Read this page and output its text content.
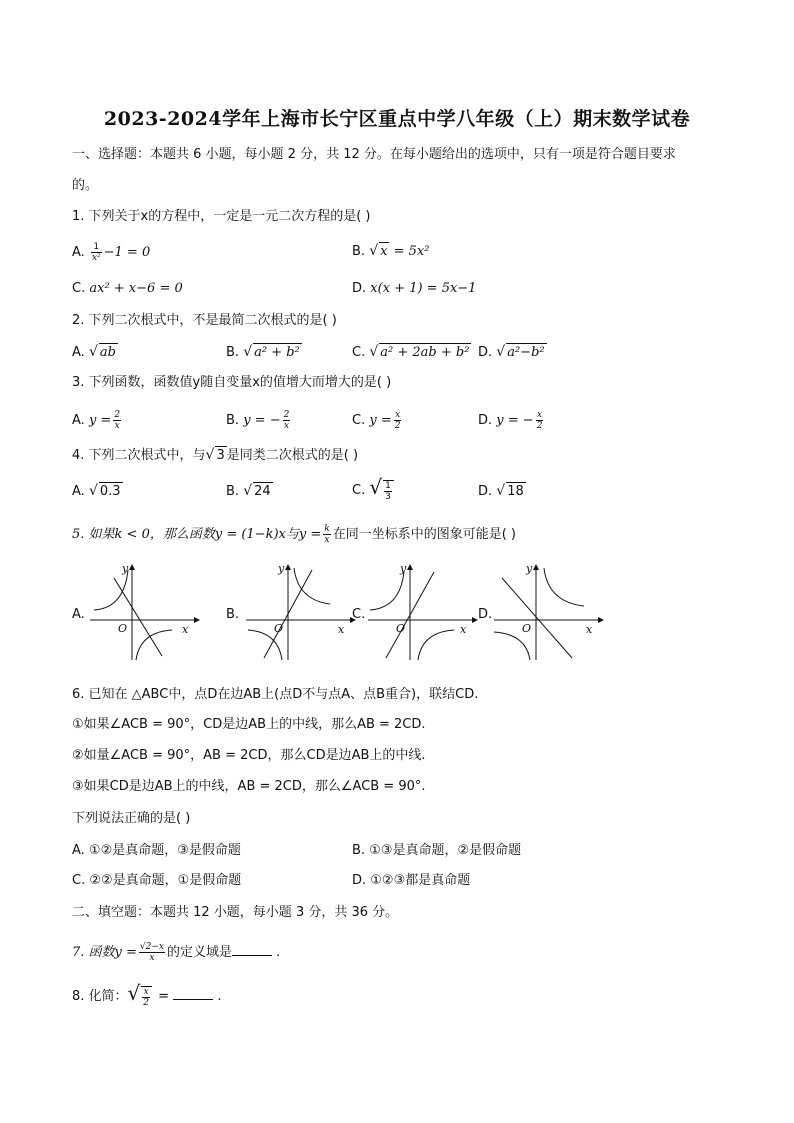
2023-2024学年上海市长宁区重点中学八年级（上）期末数学试卷
一、选择题：本题共 6 小题，每小题 2 分，共 12 分。在每小题给出的选项中，只有一项是符合题目要求
的。
1. 下列关于x的方程中，一定是一元二次方程的是( )
A. $\frac{1}{\text{x²}} -1 = 0$	B. √ x = 5x²
C. ax² + x−6 = 0	D. x(x + 1) = 5x−1
2. 下列二次根式中，不是最简二次根式的是( )
A. √ ab	B. √ a² + b²	C. √ a² + 2ab + b² D. √ a²−b²
3. 下列函数，函数值y随自变量x的值增大而增大的是( )
A. $y = \frac{2}{x}$	B. y = − $\frac{2}{x}$	C. $y = \frac{x}{2}$	D. y = − $\frac{x}{2}$
4. 下列二次根式中，与√ 3 是同类二次根式的是( )
A. √ 0.3	B. √ 24	C. √ $\frac{1}{3}$	D. √ 18
5. 如果k < 0，那么函数y = (1−k)x与$y = \frac{k}{x}$ 在同一坐标系中的图象可能是( )
A.
y
x
O
B.
y
x
O
C.
y
x
O
D.
y
x
O
6. 已知在 △ABC中，点D在边AB上(点D不与点A、点B重合)，联结CD.
①如果∠ACB = 90°，CD是边AB上的中线，那么AB = 2CD.
②如量∠ACB = 90°，AB = 2CD，那么CD是边AB上的中线.
③如果CD是边AB上的中线，AB = 2CD，那么∠ACB = 90°.
下列说法正确的是( )
A. ①②是真命题，③是假命题	B. ①③是真命题，②是假命题
C. ②②是真命题，①是假命题	D. ①②③都是真命题
二、填空题：本题共 12 小题，每小题 3 分，共 36 分。
7. 函数$y = \frac{√2-x}{x}$ 的定义域是	.
8. 化简：√ $\frac{x}{2}$ =	.
